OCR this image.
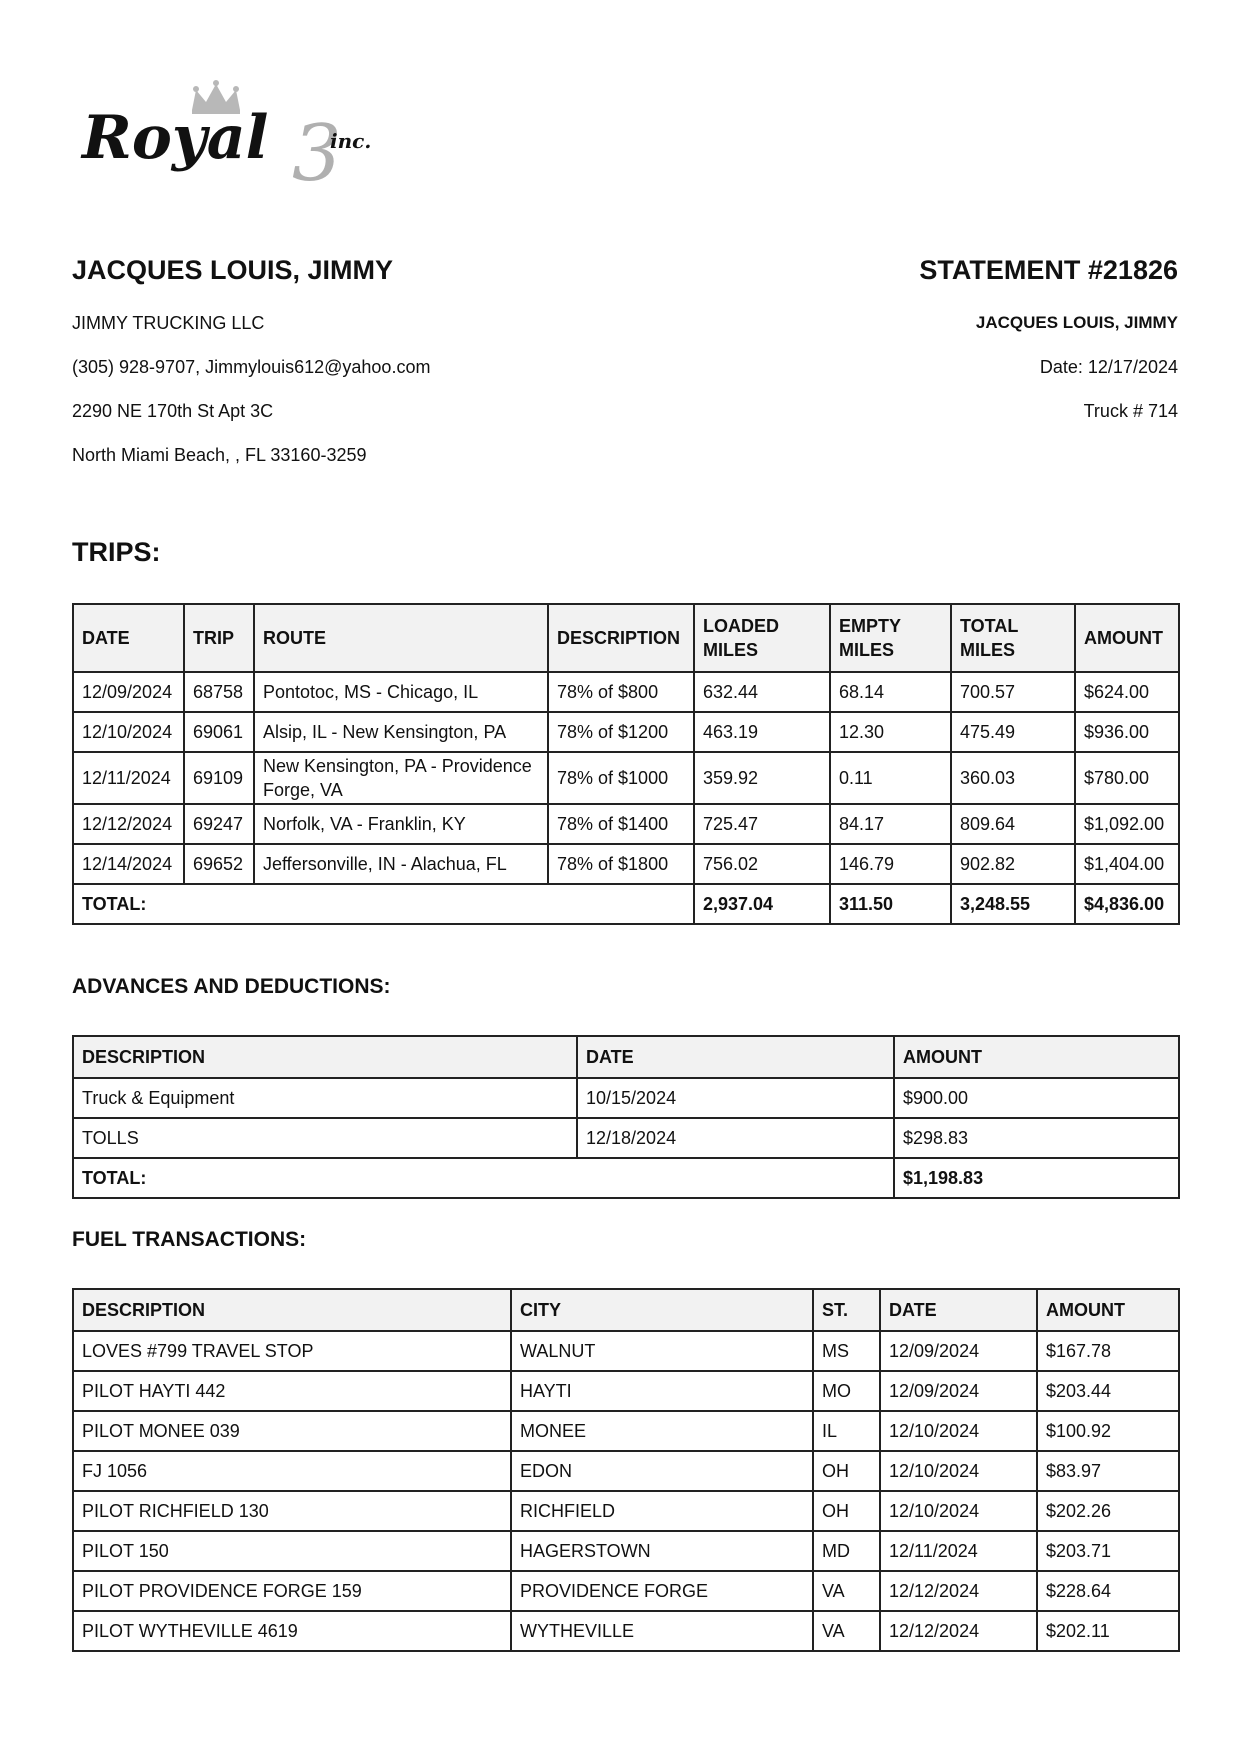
3
Royal	inc.
JACQUES LOUIS, JIMMY
JIMMY TRUCKING LLC
(305) 928-9707, Jimmylouis612@yahoo.com
2290 NE 170th St Apt 3C
North Miami Beach, , FL 33160-3259
STATEMENT #21826
JACQUES LOUIS, JIMMY
Date: 12/17/2024
Truck # 714
TRIPS:
DATE	TRIP	ROUTE	DESCRIPTION	LOADED MILES	EMPTY MILES	TOTAL MILES	AMOUNT
12/09/2024	68758	Pontotoc, MS - Chicago, IL	78% of $800	632.44	68.14	700.57	$624.00
12/10/2024	69061	Alsip, IL - New Kensington, PA	78% of $1200	463.19	12.30	475.49	$936.00
12/11/2024	69109	New Kensington, PA - Providence Forge, VA	78% of $1000	359.92	0.11	360.03	$780.00
12/12/2024	69247	Norfolk, VA - Franklin, KY	78% of $1400	725.47	84.17	809.64	$1,092.00
12/14/2024	69652	Jeffersonville, IN - Alachua, FL	78% of $1800	756.02	146.79	902.82	$1,404.00
TOTAL:				2,937.04	311.50	3,248.55	$4,836.00
ADVANCES AND DEDUCTIONS:
DESCRIPTION	DATE	AMOUNT
Truck & Equipment	10/15/2024	$900.00
TOLLS	12/18/2024	$298.83
TOTAL:		$1,198.83
FUEL TRANSACTIONS:
DESCRIPTION	CITY	ST.	DATE	AMOUNT
LOVES #799 TRAVEL STOP	WALNUT	MS	12/09/2024	$167.78
PILOT HAYTI 442	HAYTI	MO	12/09/2024	$203.44
PILOT MONEE 039	MONEE	IL	12/10/2024	$100.92
FJ 1056	EDON	OH	12/10/2024	$83.97
PILOT RICHFIELD 130	RICHFIELD	OH	12/10/2024	$202.26
PILOT 150	HAGERSTOWN	MD	12/11/2024	$203.71
PILOT PROVIDENCE FORGE 159	PROVIDENCE FORGE	VA	12/12/2024	$228.64
PILOT WYTHEVILLE 4619	WYTHEVILLE	VA	12/12/2024	$202.11
